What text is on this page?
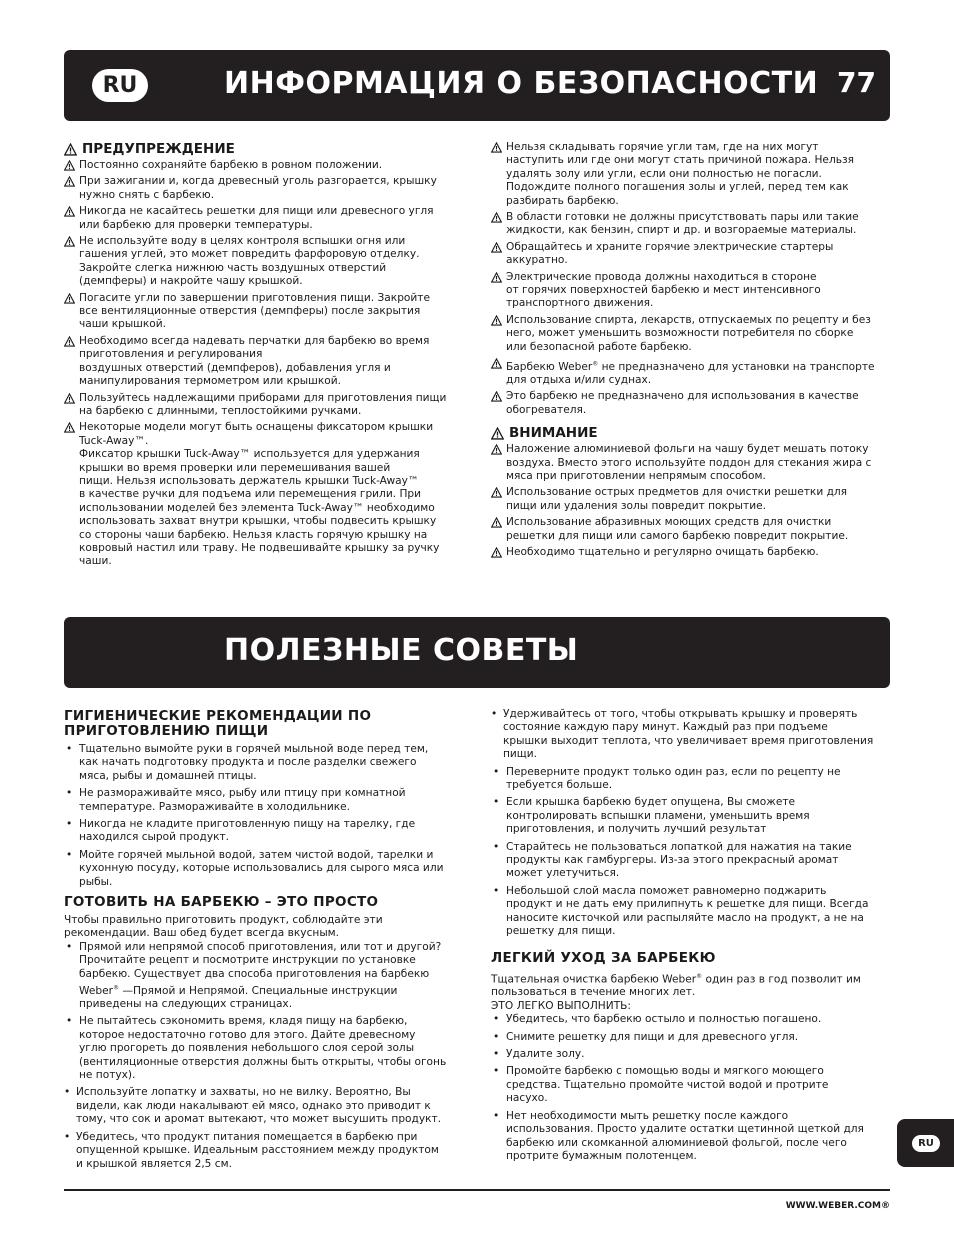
RU	ИНФОРМАЦИЯ О БЕЗОПАСНОСТИ 77
ПРЕДУПРЕЖДЕНИЕ
Постоянно сохраняйте барбекю в ровном положении.
При зажигании и, когда древесный уголь разгорается, крышку
нужно снять с барбекю.
Никогда не касайтесь решетки для пищи или древесного угля
или барбекю для проверки температуры.
Не используйте воду в целях контроля вспышки огня или
гашения углей, это может повредить фарфоровую отделку.
Закройте слегка нижнюю часть воздушных отверстий
(демпферы) и накройте чашу крышкой.
Погасите угли по завершении приготовления пищи. Закройте
все вентиляционные отверстия (демпферы) после закрытия
чаши крышкой.
Необходимо всегда надевать перчатки для барбекю во время
приготовления и регулирования
воздушных отверстий (демпферов), добавления угля и
манипулирования термометром или крышкой.
Пользуйтесь надлежащими приборами для приготовления пищи
на барбекю с длинными, теплостойкими ручками.
Некоторые модели могут быть оснащены фиксатором крышки
Tuck-Away™.
Фиксатор крышки Tuck-Away™ используется для удержания
крышки во время проверки или перемешивания вашей
пищи. Нельзя использовать держатель крышки Tuck-Away™
в качестве ручки для подъема или перемещения грили. При
использовании моделей без элемента Tuck-Away™ необходимо
использовать захват внутри крышки, чтобы подвесить крышку
со стороны чаши барбекю. Нельзя класть горячую крышку на
ковровый настил или траву. Не подвешивайте крышку за ручку
чаши.
Нельзя складывать горячие угли там, где на них могут
наступить или где они могут стать причиной пожара. Нельзя
удалять золу или угли, если они полностью не погасли.
Подождите полного погашения золы и углей, перед тем как
разбирать барбекю.
В области готовки не должны присутствовать пары или такие
жидкости, как бензин, спирт и др. и возгораемые материалы.
Обращайтесь и храните горячие электрические стартеры
аккуратно.
Электрические провода должны находиться в стороне
от горячих поверхностей барбекю и мест интенсивного
транспортного движения.
Использование спирта, лекарств, отпускаемых по рецепту и без
него, может уменьшить возможности потребителя по сборке
или безопасной работе барбекю.
Барбекю Weber® не предназначено для установки на транспорте
для отдыха и/или суднах.
Это барбекю не предназначено для использования в качестве
обогревателя.
ВНИМАНИЕ
Наложение алюминиевой фольги на чашу будет мешать потоку
воздуха. Вместо этого используйте поддон для стекания жира с
мяса при приготовлении непрямым способом.
Использование острых предметов для очистки решетки для
пищи или удаления золы повредит покрытие.
Использование абразивных моющих средств для очистки
решетки для пищи или самого барбекю повредит покрытие.
Необходимо тщательно и регулярно очищать барбекю.
ПОЛЕЗНЫЕ СОВЕТЫ
ГИГИЕНИЧЕСКИЕ РЕКОМЕНДАЦИИ ПО
ПРИГОТОВЛЕНИЮ ПИЩИ
• Тщательно вымойте руки в горячей мыльной воде перед тем,
как начать подготовку продукта и после разделки свежего
мяса, рыбы и домашней птицы.
• Не размораживайте мясо, рыбу или птицу при комнатной
температуре. Размораживайте в холодильнике.
• Никогда не кладите приготовленную пищу на тарелку, где
находился сырой продукт.
• Мойте горячей мыльной водой, затем чистой водой, тарелки и
кухонную посуду, которые использовались для сырого мяса или
рыбы.
ГОТОВИТЬ НА БАРБЕКЮ – ЭТО ПРОСТО

Чтобы правильно приготовить продукт, соблюдайте эти
рекомендации. Ваш обед будет всегда вкусным.

• Прямой или непрямой способ приготовления, или тот и другой?
Прочитайте рецепт и посмотрите инструкции по установке
барбекю. Существует два способа приготовления на барбекю
Weber® —Прямой и Непрямой. Специальные инструкции
приведены на следующих страницах.
• Не пытайтесь сэкономить время, кладя пищу на барбекю,
которое недостаточно готово для этого. Дайте древесному
углю прогореть до появления небольшого слоя серой золы
(вентиляционные отверстия должны быть открыты, чтобы огонь
не потух).
• Используйте лопатку и захваты, но не вилку. Вероятно, Вы
видели, как люди накалывают ей мясо, однако это приводит к
тому, что сок и аромат вытекают, что может высушить продукт.
• Убедитесь, что продукт питания помещается в барбекю при
опущенной крышке. Идеальным расстоянием между продуктом
и крышкой является 2,5 см.
• Удерживайтесь от того, чтобы открывать крышку и проверять
состояние каждую пару минут. Каждый раз при подъеме
крышки выходит теплота, что увеличивает время приготовления
пищи.
• Переверните продукт только один раз, если по рецепту не
требуется больше.
• Если крышка барбекю будет опущена, Вы сможете
контролировать вспышки пламени, уменьшить время
приготовления, и получить лучший результат
• Старайтесь не пользоваться лопаткой для нажатия на такие
продукты как гамбургеры. Из-за этого прекрасный аромат
может улетучиться.
• Небольшой слой масла поможет равномерно поджарить
продукт и не дать ему прилипнуть к решетке для пищи. Всегда
наносите кисточкой или распыляйте масло на продукт, а не на
решетку для пищи.
ЛЕГКИЙ УХОД ЗА БАРБЕКЮ

Тщательная очистка барбекю Weber® один раз в год позволит им
пользоваться в течение многих лет.

ЭТО ЛЕГКО ВЫПОЛНИТЬ:

• Убедитесь, что барбекю остыло и полностью погашено.
• Снимите решетку для пищи и для древесного угля.
• Удалите золу.
• Промойте барбекю с помощью воды и мягкого моющего
средства. Тщательно промойте чистой водой и протрите
насухо.
• Нет необходимости мыть решетку после каждого
использования. Просто удалите остатки щетинной щеткой для
барбекю или скомканной алюминиевой фольгой, после чего
протрите бумажным полотенцем.
RU
WWW.WEBER.COM®
